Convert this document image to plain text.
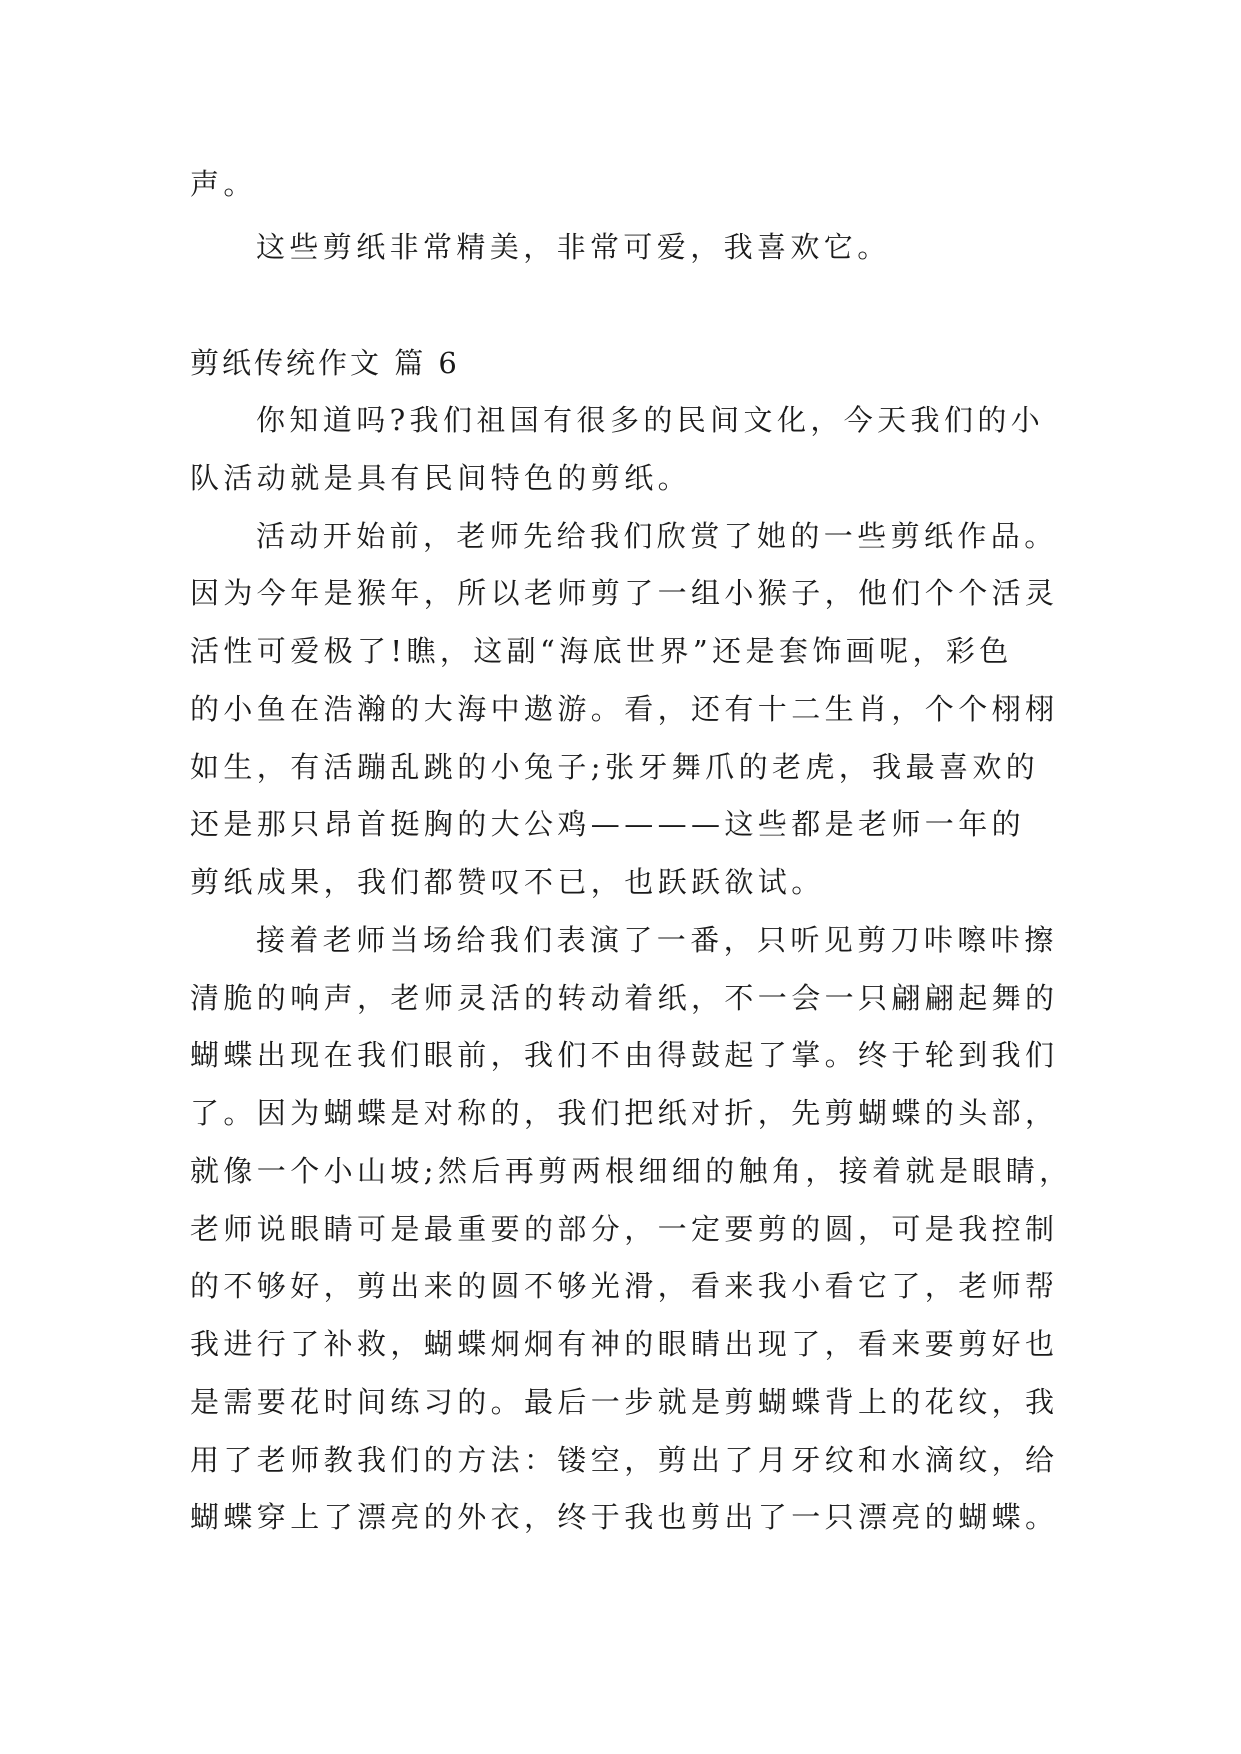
声。
这些剪纸非常精美，非常可爱，我喜欢它。
剪纸传统作文 篇 6
你知道吗?我们祖国有很多的民间文化，今天我们的小
队活动就是具有民间特色的剪纸。
活动开始前，老师先给我们欣赏了她的一些剪纸作品。
因为今年是猴年，所以老师剪了一组小猴子，他们个个活灵
活性可爱极了!瞧，这副“海底世界”还是套饰画呢，彩色
的小鱼在浩瀚的大海中遨游。看，还有十二生肖，个个栩栩
如生，有活蹦乱跳的小兔子;张牙舞爪的老虎，我最喜欢的
还是那只昂首挺胸的大公鸡————这些都是老师一年的
剪纸成果，我们都赞叹不已，也跃跃欲试。
接着老师当场给我们表演了一番，只听见剪刀咔嚓咔擦
清脆的响声，老师灵活的转动着纸，不一会一只翩翩起舞的
蝴蝶出现在我们眼前，我们不由得鼓起了掌。终于轮到我们
了。因为蝴蝶是对称的，我们把纸对折，先剪蝴蝶的头部，
就像一个小山坡;然后再剪两根细细的触角，接着就是眼睛，
老师说眼睛可是最重要的部分，一定要剪的圆，可是我控制
的不够好，剪出来的圆不够光滑，看来我小看它了，老师帮
我进行了补救，蝴蝶炯炯有神的眼睛出现了，看来要剪好也
是需要花时间练习的。最后一步就是剪蝴蝶背上的花纹，我
用了老师教我们的方法：镂空，剪出了月牙纹和水滴纹，给
蝴蝶穿上了漂亮的外衣，终于我也剪出了一只漂亮的蝴蝶。
